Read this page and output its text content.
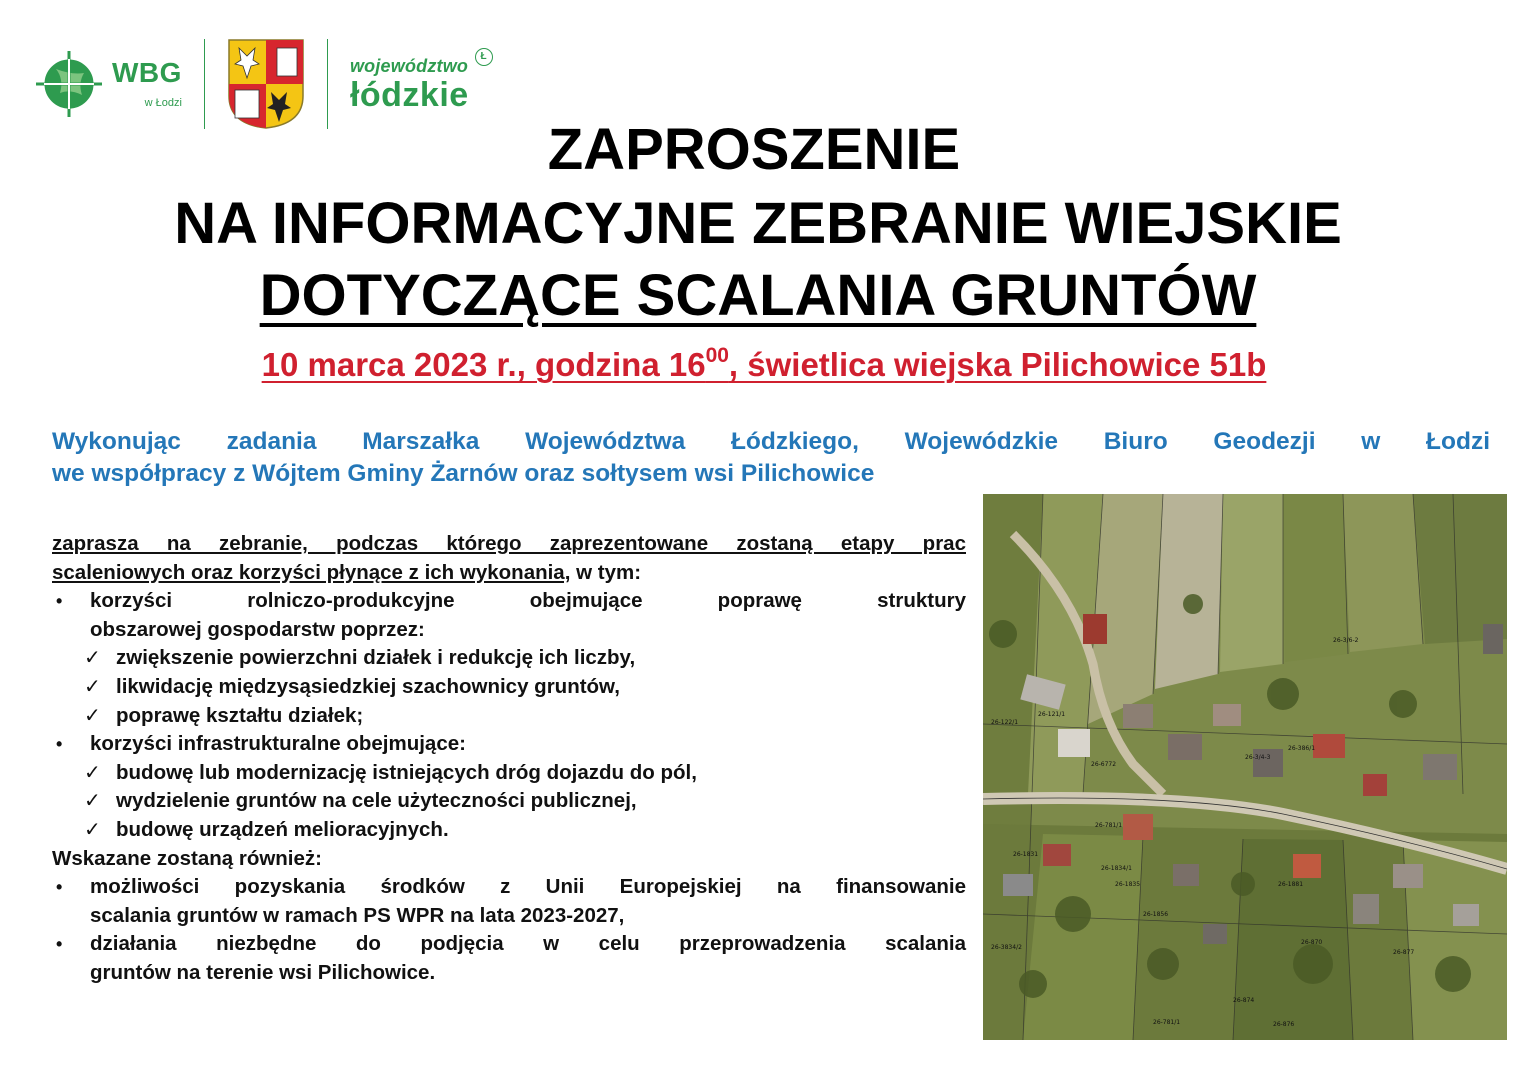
WBG
w Łodzi
województwo	Ł
łódzkie
ZAPROSZENIE
NA INFORMACYJNE ZEBRANIE WIEJSKIE
DOTYCZĄCE SCALANIA GRUNTÓW
10 marca 2023 r., godzina $16^{00}$, świetlica wiejska Pilichowice 51b
Wykonując zadania Marszałka Województwa Łódzkiego, Wojewódzkie Biuro Geodezji w Łodzi
we współpracy z Wójtem Gminy Żarnów oraz sołtysem wsi Pilichowice
zaprasza na zebranie, podczas którego zaprezentowane zostaną etapy prac
scaleniowych oraz korzyści płynące z ich wykonania, w tym:
• korzyści rolniczo-produkcyjne obejmujące poprawę struktury
obszarowej gospodarstw poprzez:
✓ zwiększenie powierzchni działek i redukcję ich liczby,
✓ likwidację międzysąsiedzkiej szachownicy gruntów,
✓ poprawę kształtu działek;
• korzyści infrastrukturalne obejmujące:
✓ budowę lub modernizację istniejących dróg dojazdu do pól,
✓ wydzielenie gruntów na cele użyteczności publicznej,
✓ budowę urządzeń melioracyjnych.
Wskazane zostaną również:
• możliwości pozyskania środków z Unii Europejskiej na finansowanie
scalania gruntów w ramach PS WPR na lata 2023-2027,
• działania niezbędne do podjęcia w celu przeprowadzenia scalania
gruntów na terenie wsi Pilichowice.
26-122/1
26-121/1
26-6772
26-781/1
26-1831
26-1834/1
26-1835
26-3/6-2
26-386/1
26-3/4-3
26-1856
26-1881
26-870
26-874
26-876
26-877
26-3834/2
26-781/1
